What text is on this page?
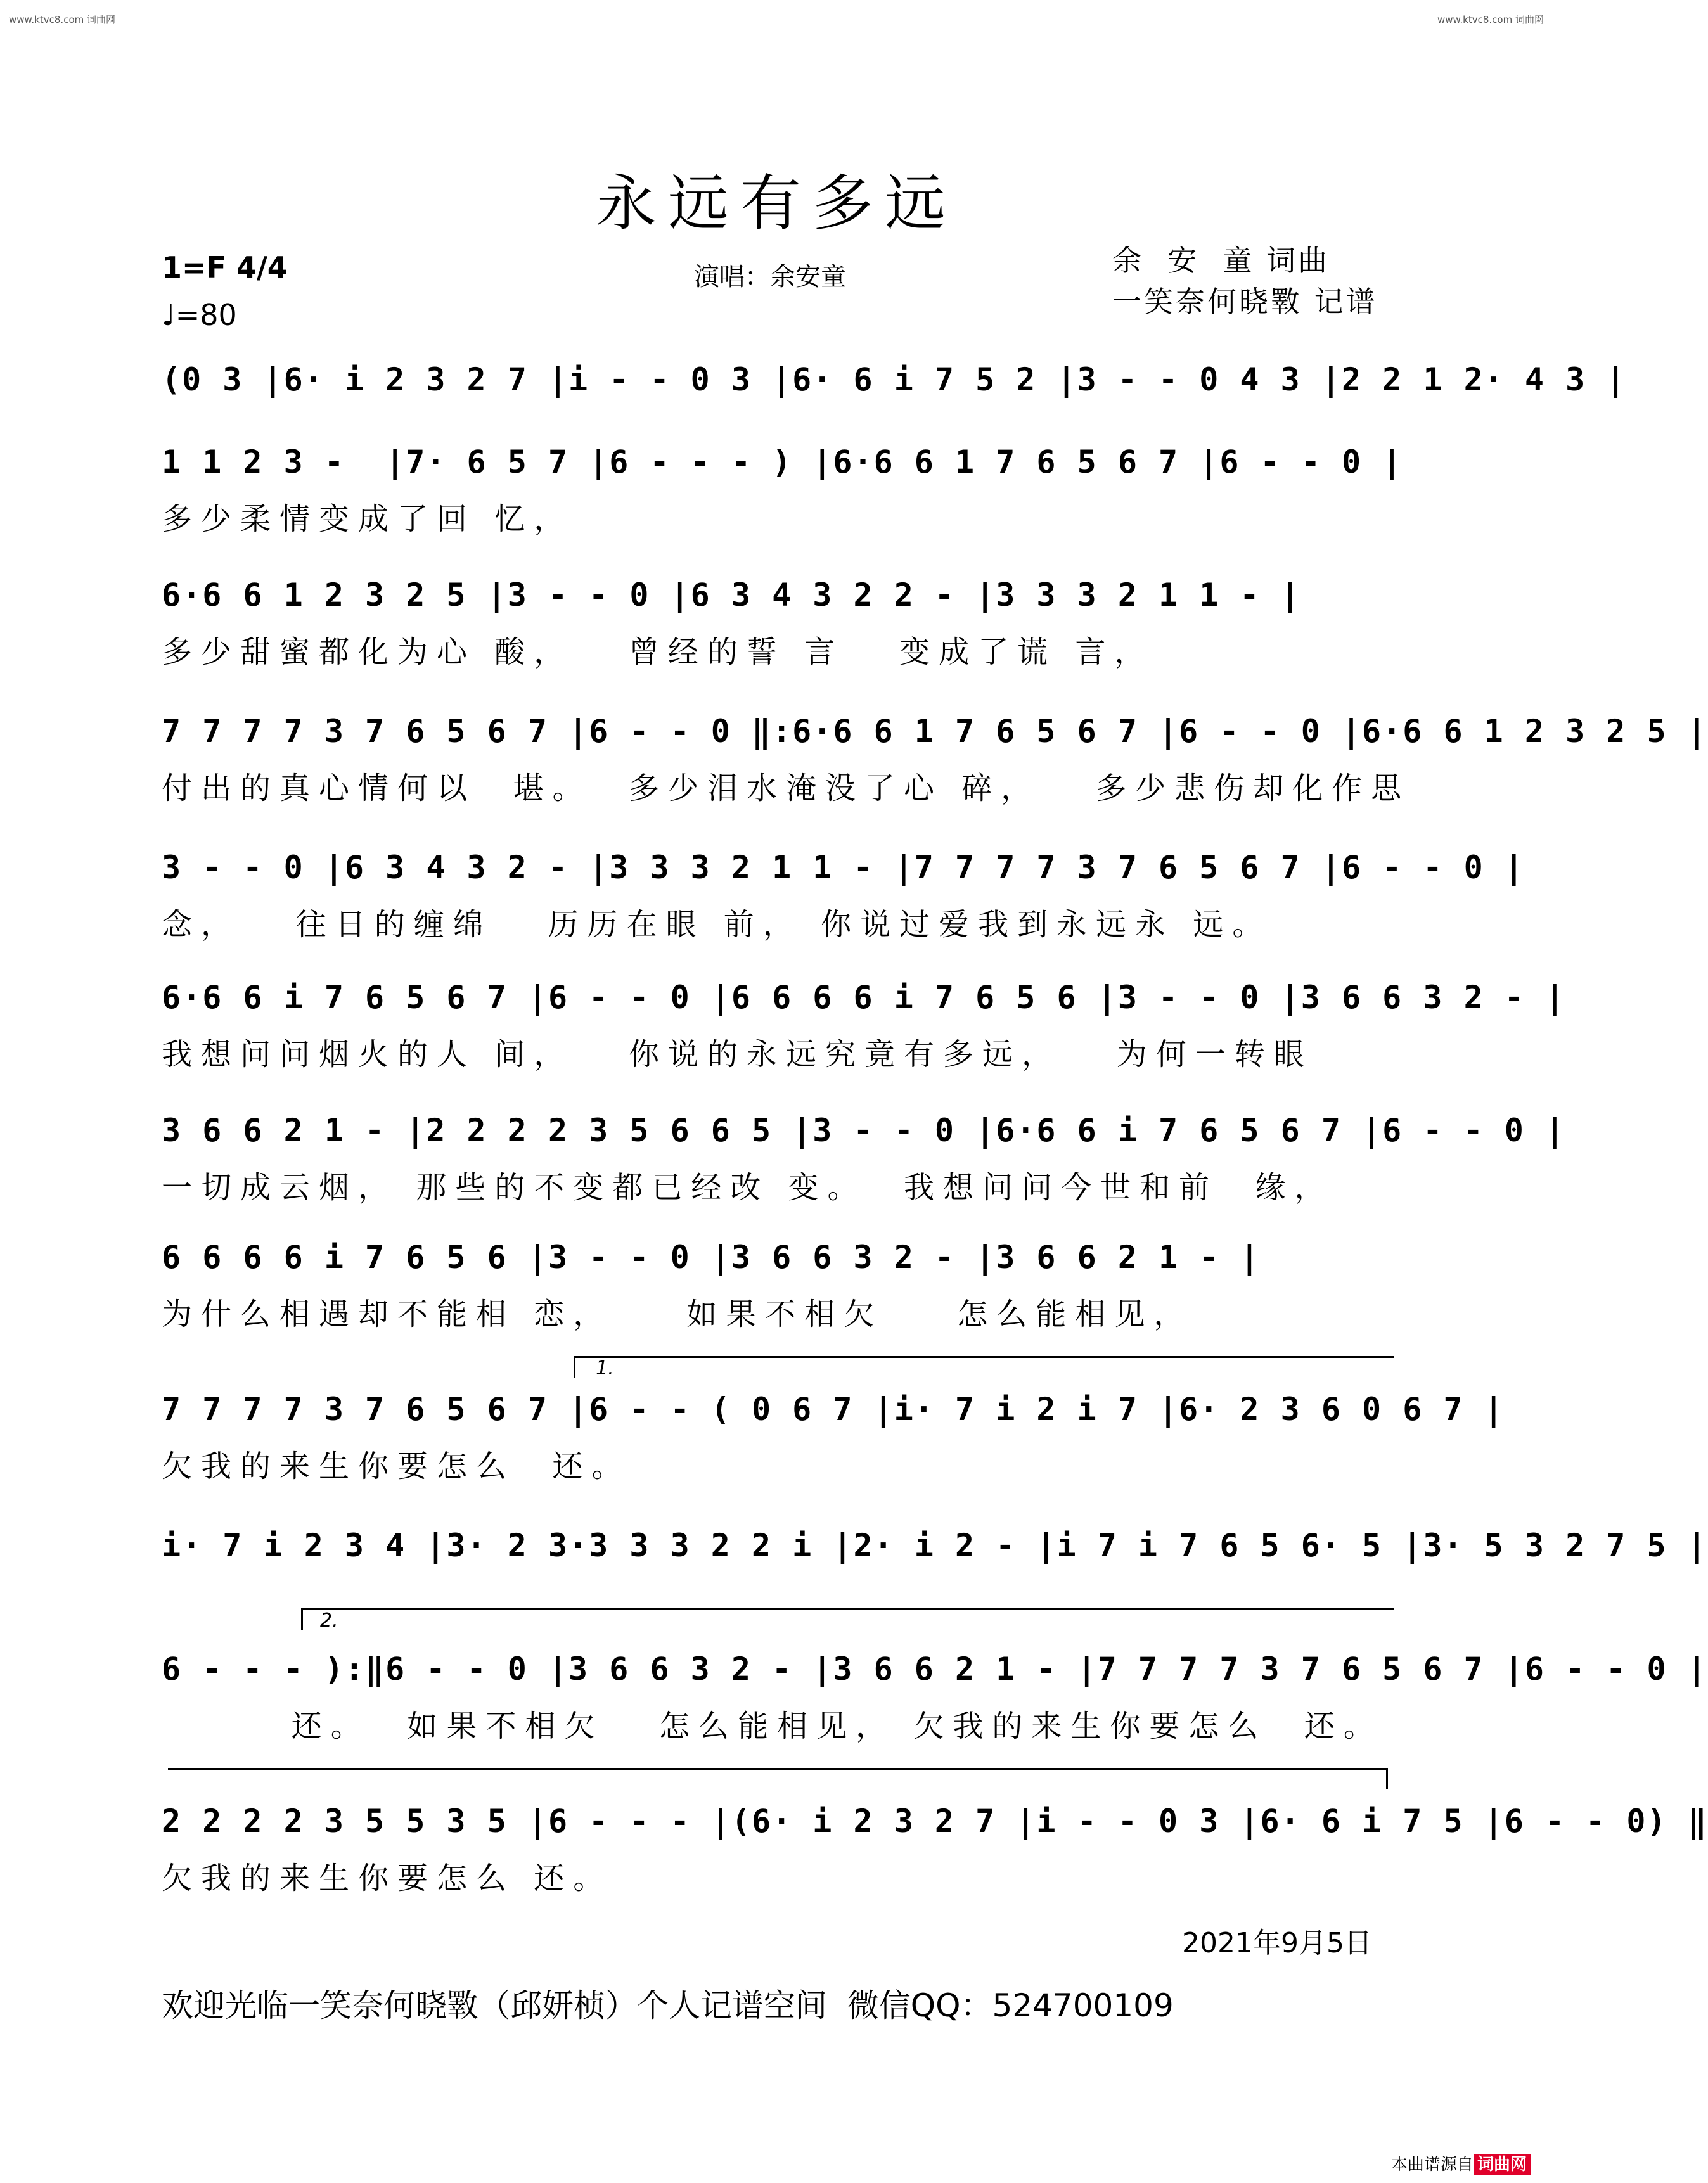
www.ktvc8.com 词曲网	www.ktvc8.com 词曲网
永远有多远
1=F 4/4
♩=80
演唱：余安童	余  安  童 词曲
一笑奈何晓斁 记谱
(0 3 |6· i 2 3 2 7 |i - - 0 3 |6· 6 i 7 5 2 |3 - - 0 4 3 |2 2 1 2· 4 3 |
1 1 2 3 -  |7· 6 5 7 |6 - - - ) |6·6 6 1 7 6 5 6 7 |6 - - 0 |
多少柔情变成了回 忆，
6·6 6 1 2 3 2 5 |3 - - 0 |6 3 4 3 2 2 - |3 3 3 2 1 1 - |
多少甜蜜都化为心 酸，   曾经的誓 言   变成了谎 言，
7 7 7 7 3 7 6 5 6 7 |6 - - 0 ‖:6·6 6 1 7 6 5 6 7 |6 - - 0 |6·6 6 1 2 3 2 5 |
付出的真心情何以  堪。  多少泪水淹没了心 碎，   多少悲伤却化作思
3 - - 0 |6 3 4 3 2 - |3 3 3 2 1 1 - |7 7 7 7 3 7 6 5 6 7 |6 - - 0 |
念，   往日的缠绵   历历在眼 前， 你说过爱我到永远永 远。
6·6 6 i 7 6 5 6 7 |6 - - 0 |6 6 6 6 i 7 6 5 6 |3 - - 0 |3 6 6 3 2 - |
我想问问烟火的人 间，   你说的永远究竟有多远，   为何一转眼
3 6 6 2 1 - |2 2 2 2 3 5 6 6 5 |3 - - 0 |6·6 6 i 7 6 5 6 7 |6 - - 0 |
一切成云烟， 那些的不变都已经改 变。  我想问问今世和前  缘，
6 6 6 6 i 7 6 5 6 |3 - - 0 |3 6 6 3 2 - |3 6 6 2 1 - |
为什么相遇却不能相 恋，    如果不相欠    怎么能相见，
7 7 7 7 3 7 6 5 6 7 |6 - - ( 0 6 7 |i· 7 i 2 i 7 |6· 2 3 6 0 6 7 |
欠我的来生你要怎么  还。
i· 7 i 2 3 4 |3· 2 3·3 3 3 2 2 i |2· i 2 - |i 7 i 7 6 5 6· 5 |3· 5 3 2 7 5 |
6 - - - ):‖6 - - 0 |3 6 6 3 2 - |3 6 6 2 1 - |7 7 7 7 3 7 6 5 6 7 |6 - - 0 |
还。  如果不相欠   怎么能相见， 欠我的来生你要怎么  还。
2 2 2 2 3 5 5 3 5 |6 - - - |(6· i 2 3 2 7 |i - - 0 3 |6· 6 i 7 5 |6 - - 0) ‖
欠我的来生你要怎么 还。
1.
2.
2021年9月5日
欢迎光临一笑奈何晓斁（邱妍桢）个人记谱空间  微信QQ：524700109
本曲谱源自 词曲网
